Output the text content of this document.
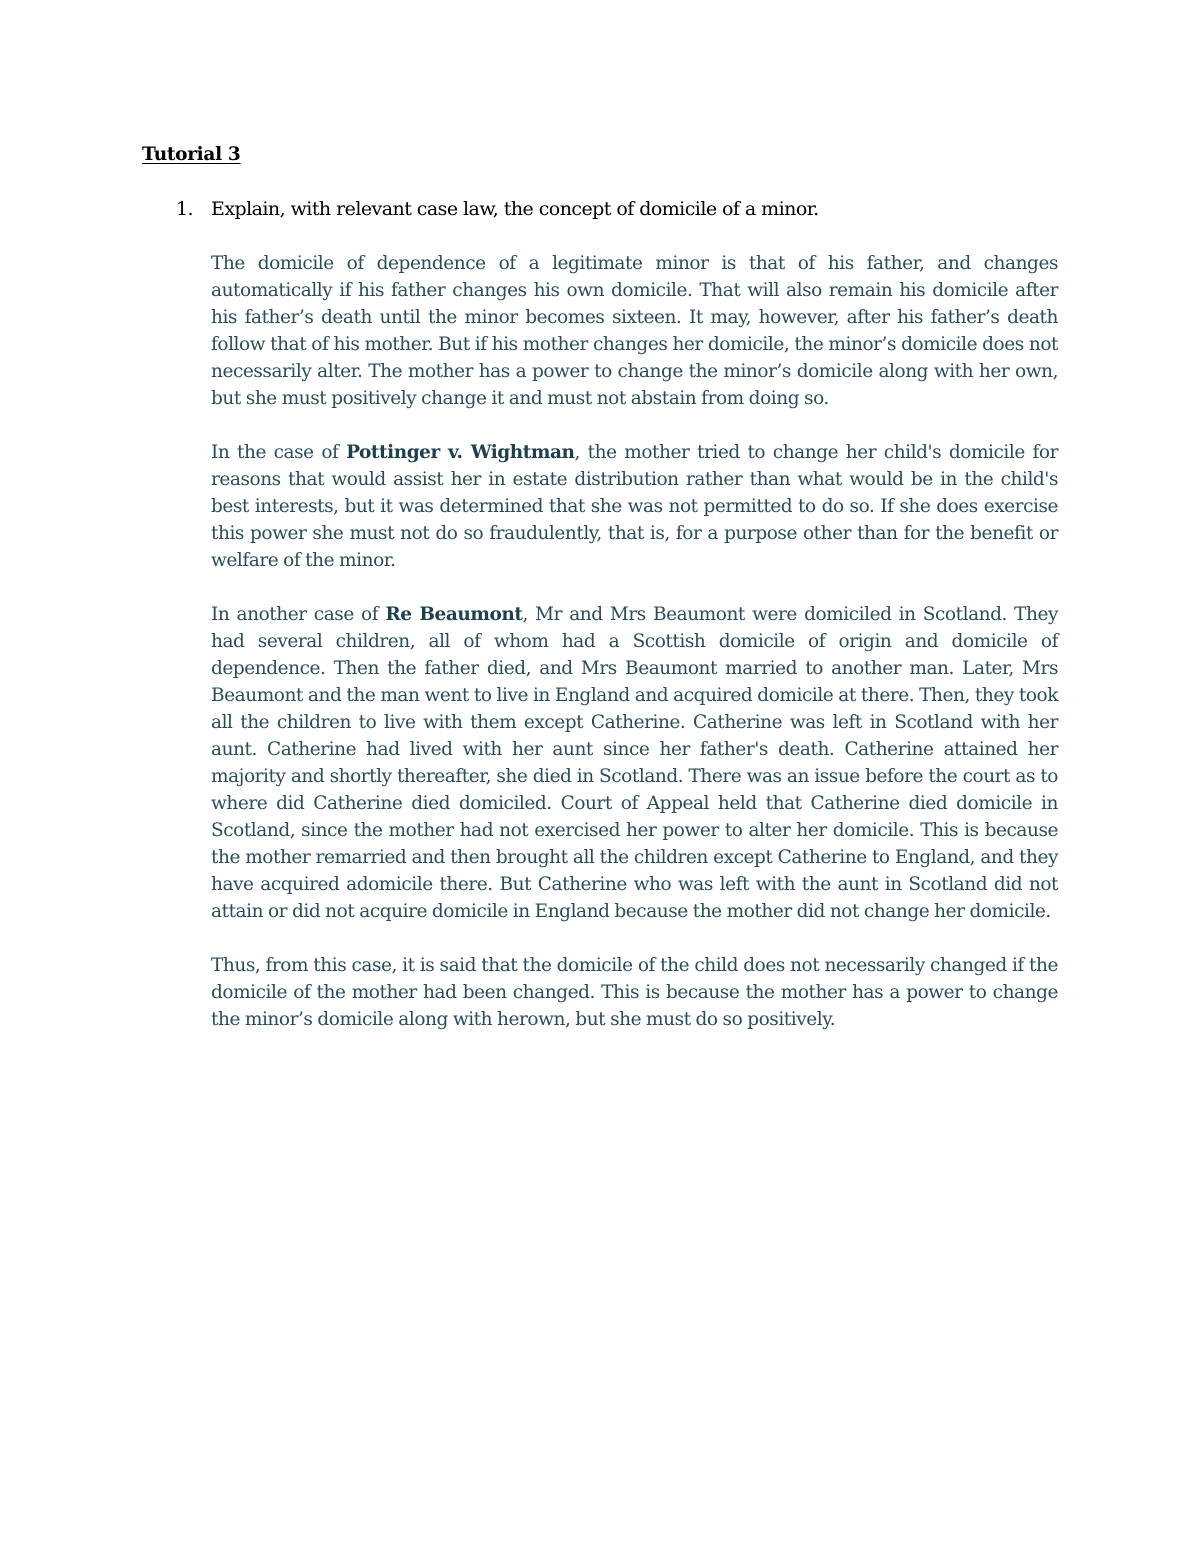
Tutorial 3
1. Explain, with relevant case law, the concept of domicile of a minor.

The domicile of dependence of a legitimate minor is that of his father, and changes automatically if his father changes his own domicile. That will also remain his domicile after his father’s death until the minor becomes sixteen. It may, however, after his father’s death follow that of his mother. But if his mother changes her domicile, the minor’s domicile does not necessarily alter. The mother has a power to change the minor’s domicile along with her own, but she must positively change it and must not abstain from doing so.

In the case of Pottinger v. Wightman, the mother tried to change her child's domicile for reasons that would assist her in estate distribution rather than what would be in the child's best interests, but it was determined that she was not permitted to do so. If she does exercise this power she must not do so fraudulently, that is, for a purpose other than for the benefit or welfare of the minor.

In another case of Re Beaumont, Mr and Mrs Beaumont were domiciled in Scotland. They had several children, all of whom had a Scottish domicile of origin and domicile of dependence. Then the father died, and Mrs Beaumont married to another man. Later, Mrs Beaumont and the man went to live in England and acquired domicile at there. Then, they took all the children to live with them except Catherine. Catherine was left in Scotland with her aunt. Catherine had lived with her aunt since her father's death. Catherine attained her majority and shortly thereafter, she died in Scotland. There was an issue before the court as to where did Catherine died domiciled. Court of Appeal held that Catherine died domicile in Scotland, since the mother had not exercised her power to alter her domicile. This is because the mother remarried and then brought all the children except Catherine to England, and they have acquired adomicile there. But Catherine who was left with the aunt in Scotland did not attain or did not acquire domicile in England because the mother did not change her domicile.

Thus, from this case, it is said that the domicile of the child does not necessarily changed if the domicile of the mother had been changed. This is because the mother has a power to change the minor’s domicile along with herown, but she must do so positively.
